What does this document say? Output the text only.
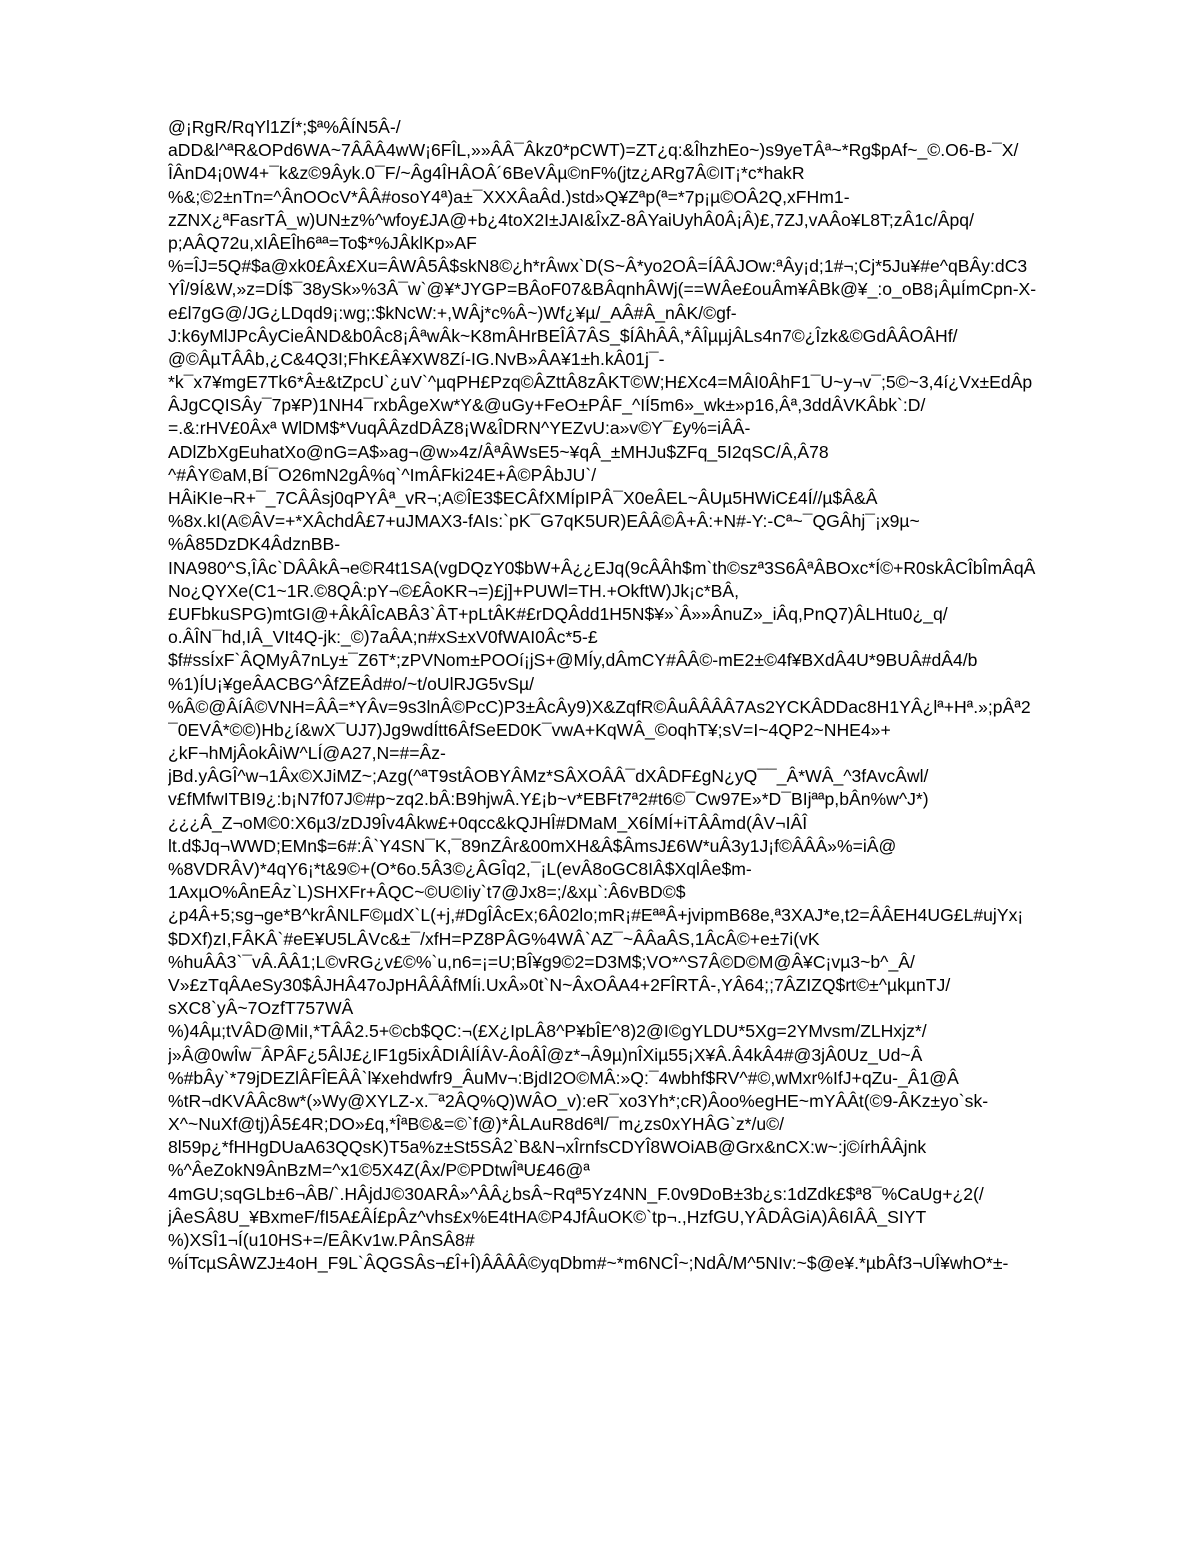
@¡RgR/RqYl1ZÍ*;$ª%ÂÍN5Â-/
aDD&l^ªR&OPd6WA~7ÂÂÂ4wW¡6FÎL,»»ÂÂ¯Âkz0*pCWT)=ZT¿q:&ÎhzhEo~)s9yeTÂª~*Rg$pAf~_©.O6-B-¯X/
ÎÂnD4¡0W4+¯k&z©9Âyk.0¯F/~Âg4ÎHÂOÂ´6BeVÂµ©nF%(jtz¿ARg7Â©IT¡*c*hakR
%&;©2±nTn=^ÂnOOcV*ÂÂ#osoY4ª)a±¯XXXÂaÂd.)std»Q¥Zªp(ª=*7p¡µ©OÂ2Q,xFHm1-
zZNX¿ªFasrTÂ_w)UN±z%^wfoy£JA@+b¿4toX2I±JAI&ÎxZ-8ÂYaiUyhÂ0Â¡Â)£,7ZJ,vAÂo¥L8T;zÂ1c/Âpq/
p;AÂQ72u,xIÂEÎh6ªª=To$*%JÂklKp»AF
%=ÎJ=5Q#$a@xk0£Âx£Xu=ÂWÂ5Â$skN8©¿h*rÂwx`D(S~Â*yo2OÂ=ÍÂÂJOw:ªÂy¡d;1#¬;Cj*5Ju¥#e^qBÂy:dC3
YÎ/9Í&W,»z=DÍ$¯38ySk»%3Â¯w`@¥*JYGP=BÂoF07&BÂqnhÂWj(==WÂe£ouÂm¥ÂBk@¥_:o_oB8¡ÂµÍmCpn-X-
e£l7gG@/JG¿LDqd9¡:wg;:$kNcW:+,WÂj*c%Â~)Wf¿¥µ/_AÂ#Â_nÂK/©gf-
J:k6yMlJPcÂyCieÂND&b0Âc8¡ÂªwÂk~K8mÂHrBEÎÂ7ÂS_$ÍÂhÂÂ,*ÂÎµµjÂLs4n7©¿Îzk&©GdÂÂOÂHf/
@©ÂµTÂÂb,¿C&4Q3I;FhK£Â¥XW8Zí-IG.NvB»ÂA¥1±h.kÂ01j¯-
*k¯x7¥mgE7Tk6*Â±&tZpcU`¿uV`^µqPH£Pzq©ÂZttÂ8zÂKT©W;H£Xc4=MÂI0ÂhF1¯U~y¬v¯;5©~3,4í¿Vx±EdÂp
ÂJgCQISÂy¯7p¥P)1NH4¯rxbÂgeXw*Y&@uGy+FeO±PÂF_^IÍ5m6»_wk±»p16,Âª,3ddÂVKÂbk`:D/
=.&:rHV£0Âxª WlDM$*VuqÂÂzdDÂZ8¡W&ÎDRN^YEZvU:a»v©Y¯£y%=iÂÂ-
ADlZbXgEuhatXo@nG=A$»ag¬@w»4z/ÂªÂWsE5~¥qÂ_±MHJu$ZFq_5I2qSC/Â,Â78
^#ÂY©aM,BÍ¯O26mN2gÂ%q`^ImÂFki24E+Â©PÂbJU`/
HÂiKIe¬R+¯_7CÂÂsj0qPYÂª_vR¬;A©ÎE3$ECÂfXMÍpIPÂ¯X0eÂEL~ÂUµ5HWiC£4Í//µ$Â&Â
%8x.kI(A©ÂV=+*XÂchdÂ£7+uJMAX3-fAIs:`pK¯G7qK5UR)EÂÂ©Â+Â:+N#-Y:-Cª~¯QGÂhj¯¡x9µ~
%Â85DzDK4ÂdznBB-
INA980^S,ÎÂc`DÂÂkÂ¬e©R4t1SA(vgDQzY0$bW+Â¿¿EJq(9cÂÂh$m`th©szª3S6ÂªÂBOxc*Í©+R0skÂCÎbÎmÂqÂ
No¿QYXe(C1~1R.©8QÂ:pY¬©£ÂoKR¬=)£j]+PUWl=TH.+OkftW)Jk¡c*BÂ,
£UFbkuSPG)mtGI@+ÂkÂÎcABÂ3`ÂT+pLtÂK#£rDQÂdd1H5N$¥»`Â»»ÂnuZ»_iÂq,PnQ7)ÂLHtu0¿_q/
o.ÂÎN¯hd,IÂ_VIt4Q-jk:_©)7aÂA;n#xS±xV0fWAI0Âc*5-£
$f#ssÍxF`ÂQMyÂ7nLy±¯Z6T*;zPVNom±POOí¡jS+@MÍy,dÂmCY#ÂÂ©-mE2±©4f¥BXdÂ4U*9BUÂ#dÂ4/b
%1)ÍU¡¥geÂACBG^ÂfZEÂd#o/~t/oUlRJG5vSµ/
%Â©@ÂíÂ©VNH=ÂÂ=*YÂv=9s3lnÂ©PcC)P3±ÂcÂy9)X&ZqfR©ÂuÂÂÂÂ7As2YCKÂDDac8H1YÂ¿lª+Hª.»;pÂª2
¯0EVÂ*©©)Hb¿í&wX¯UJ7)Jg9wdÍtt6ÂfSeED0K¯vwA+KqWÂ_©oqhT¥;sV=I~4QP2~NHE4»+
¿kF¬hMjÂokÂiW^LÍ@A27,N=#=Âz-
jBd.yÂGÎ^w¬1Âx©XJiMZ~;Azg(^ªT9stÂOBYÂMz*SÂXOÂÂ¯dXÂDF£gN¿yQ¯¯_Â*WÂ_^3fAvcÂwl/
v£fMfwITBI9¿:b¡N7f07J©#p~zq2.bÂ:B9hjwÂ.Y£¡b~v*EBFt7ª2#t6©¯Cw97E»*D¯BIjªªp,bÂn%w^J*)
¿¿¿Â_Z¬oM©0:X6µ3/zDJ9Îv4Âkw£+0qcc&kQJHÎ#DMaM_X6ÍMÍ+iTÂÂmd(ÂV¬IÂÎ
lt.d$Jq¬WWD;EMn$=6#:Â`Y4SN¯K,¯89nZÂr&00mXH&Â$ÂmsJ£6W*uÂ3y1J¡f©ÂÂÂ»%=iÂ@
%8VDRÂV)*4qY6¡*t&9©+(O*6o.5Â3©¿ÂGÎq2,¯¡L(evÂ8oGC8IÂ$XqlÂe$m-
1AxµO%ÂnEÂz`L)SHXFr+ÂQC~©U©Iiy`t7@Jx8=;/&xµ`:Â6vBD©$
¿p4Â+5;sg¬ge*B^krÂNLF©µdX`L(+j,#DgÎÂcEx;6Â02lo;mR¡#EªªÂ+jvipmB68e,ª3XAJ*e,t2=ÂÂEH4UG£L#ujYx¡
$DXf)zI,FÂKÂ`#eE¥U5LÂVc&±¯/xfH=PZ8PÂG%4WÂ`AZ¯~ÂÂaÂS,1ÂcÂ©+e±7i(vK
%huÂÂ3`¯vÂ.ÂÂ1;L©vRG¿v£©%`u,n6=¡=U;BÎ¥g9©2=D3M$;VO*^S7Â©D©M@Â¥C¡vµ3~b^_Â/
V»£zTqÂAeSy30$ÂJHÂ47oJpHÂÂÂfMÍi.UxÂ»0t`N~ÂxOÂA4+2FÎRTÂ-,YÂ64;;7ÂZIZQ$rt©±^µkµnTJ/
sXC8`yÂ~7OzfT757WÂ
%)4Âµ;tVÂD@MiI,*TÂÂ2.5+©cb$QC:¬(£X¿IpLÂ8^P¥bÎE^8)2@I©gYLDU*5Xg=2YMvsm/ZLHxjz*/
j»Â@0wÎw¯ÂPÂF¿5ÂlJ£¿IF1g5ixÂDIÂlÍÂV-ÂoÂÎ@z*¬Â9µ)nÎXiµ55¡X¥Â.Â4kÂ4#@3jÂ0Uz_Ud~Â
%#bÂy`*79jDEZlÂFÎEÂÂ`l¥xehdwfr9_ÂuMv¬:BjdI2O©MÂ:»Q:¯4wbhf$RV^#©,wMxr%IfJ+qZu-_Â1@Â
%tR¬dKVÂÂc8w*(»Wy@XYLZ-x.¯ª2ÂQ%Q)WÂO_v):eR¯xo3Yh*;cR)Âoo%egHE~mYÂÂt(©9-ÂKz±yo`sk-
X^~NuXf@tj)Â5£4R;DO»£q,*ÎªB©&=©`f@)*ÂLAuR8d6ªl/¯m¿zs0xYHÂG`z*/u©/
8l59p¿*fHHgDUaA63QQsK)T5a%z±St5SÂ2`B&N¬xÎrnfsCDYÎ8WOiAB@Grx&nCX:w~:j©írhÂÂjnk
%^ÂeZokN9ÂnBzM=^x1©5X4Z(Âx/P©PDtwÎªU£46@ª
4mGU;sqGLb±6¬ÂB/`.HÂjdJ©30ARÂ»^ÂÂ¿bsÂ~Rqª5Yz4NN_F.0v9DoB±3b¿s:1dZdk£$ª8¯%CaUg+¿2(/
jÂeSÂ8U_¥BxmeF/fI5A£ÂÍ£pÂz^vhs£x%E4tHA©P4JfÂuOK©`tp¬.,HzfGU,YÂDÂGiA)Â6IÂÂ_SIYT
%)XSÎ1¬Í(u10HS+=/EÂKv1w.PÂnSÂ8#
%ÍTcµSÂWZJ±4oH_F9L`ÂQGSÂs¬£Î+Î)ÂÂÂÂ©yqDbm#~*m6NCÎ~;NdÂ/M^5NIv:~$@e¥.*µbÂf3¬UÎ¥whO*±-
